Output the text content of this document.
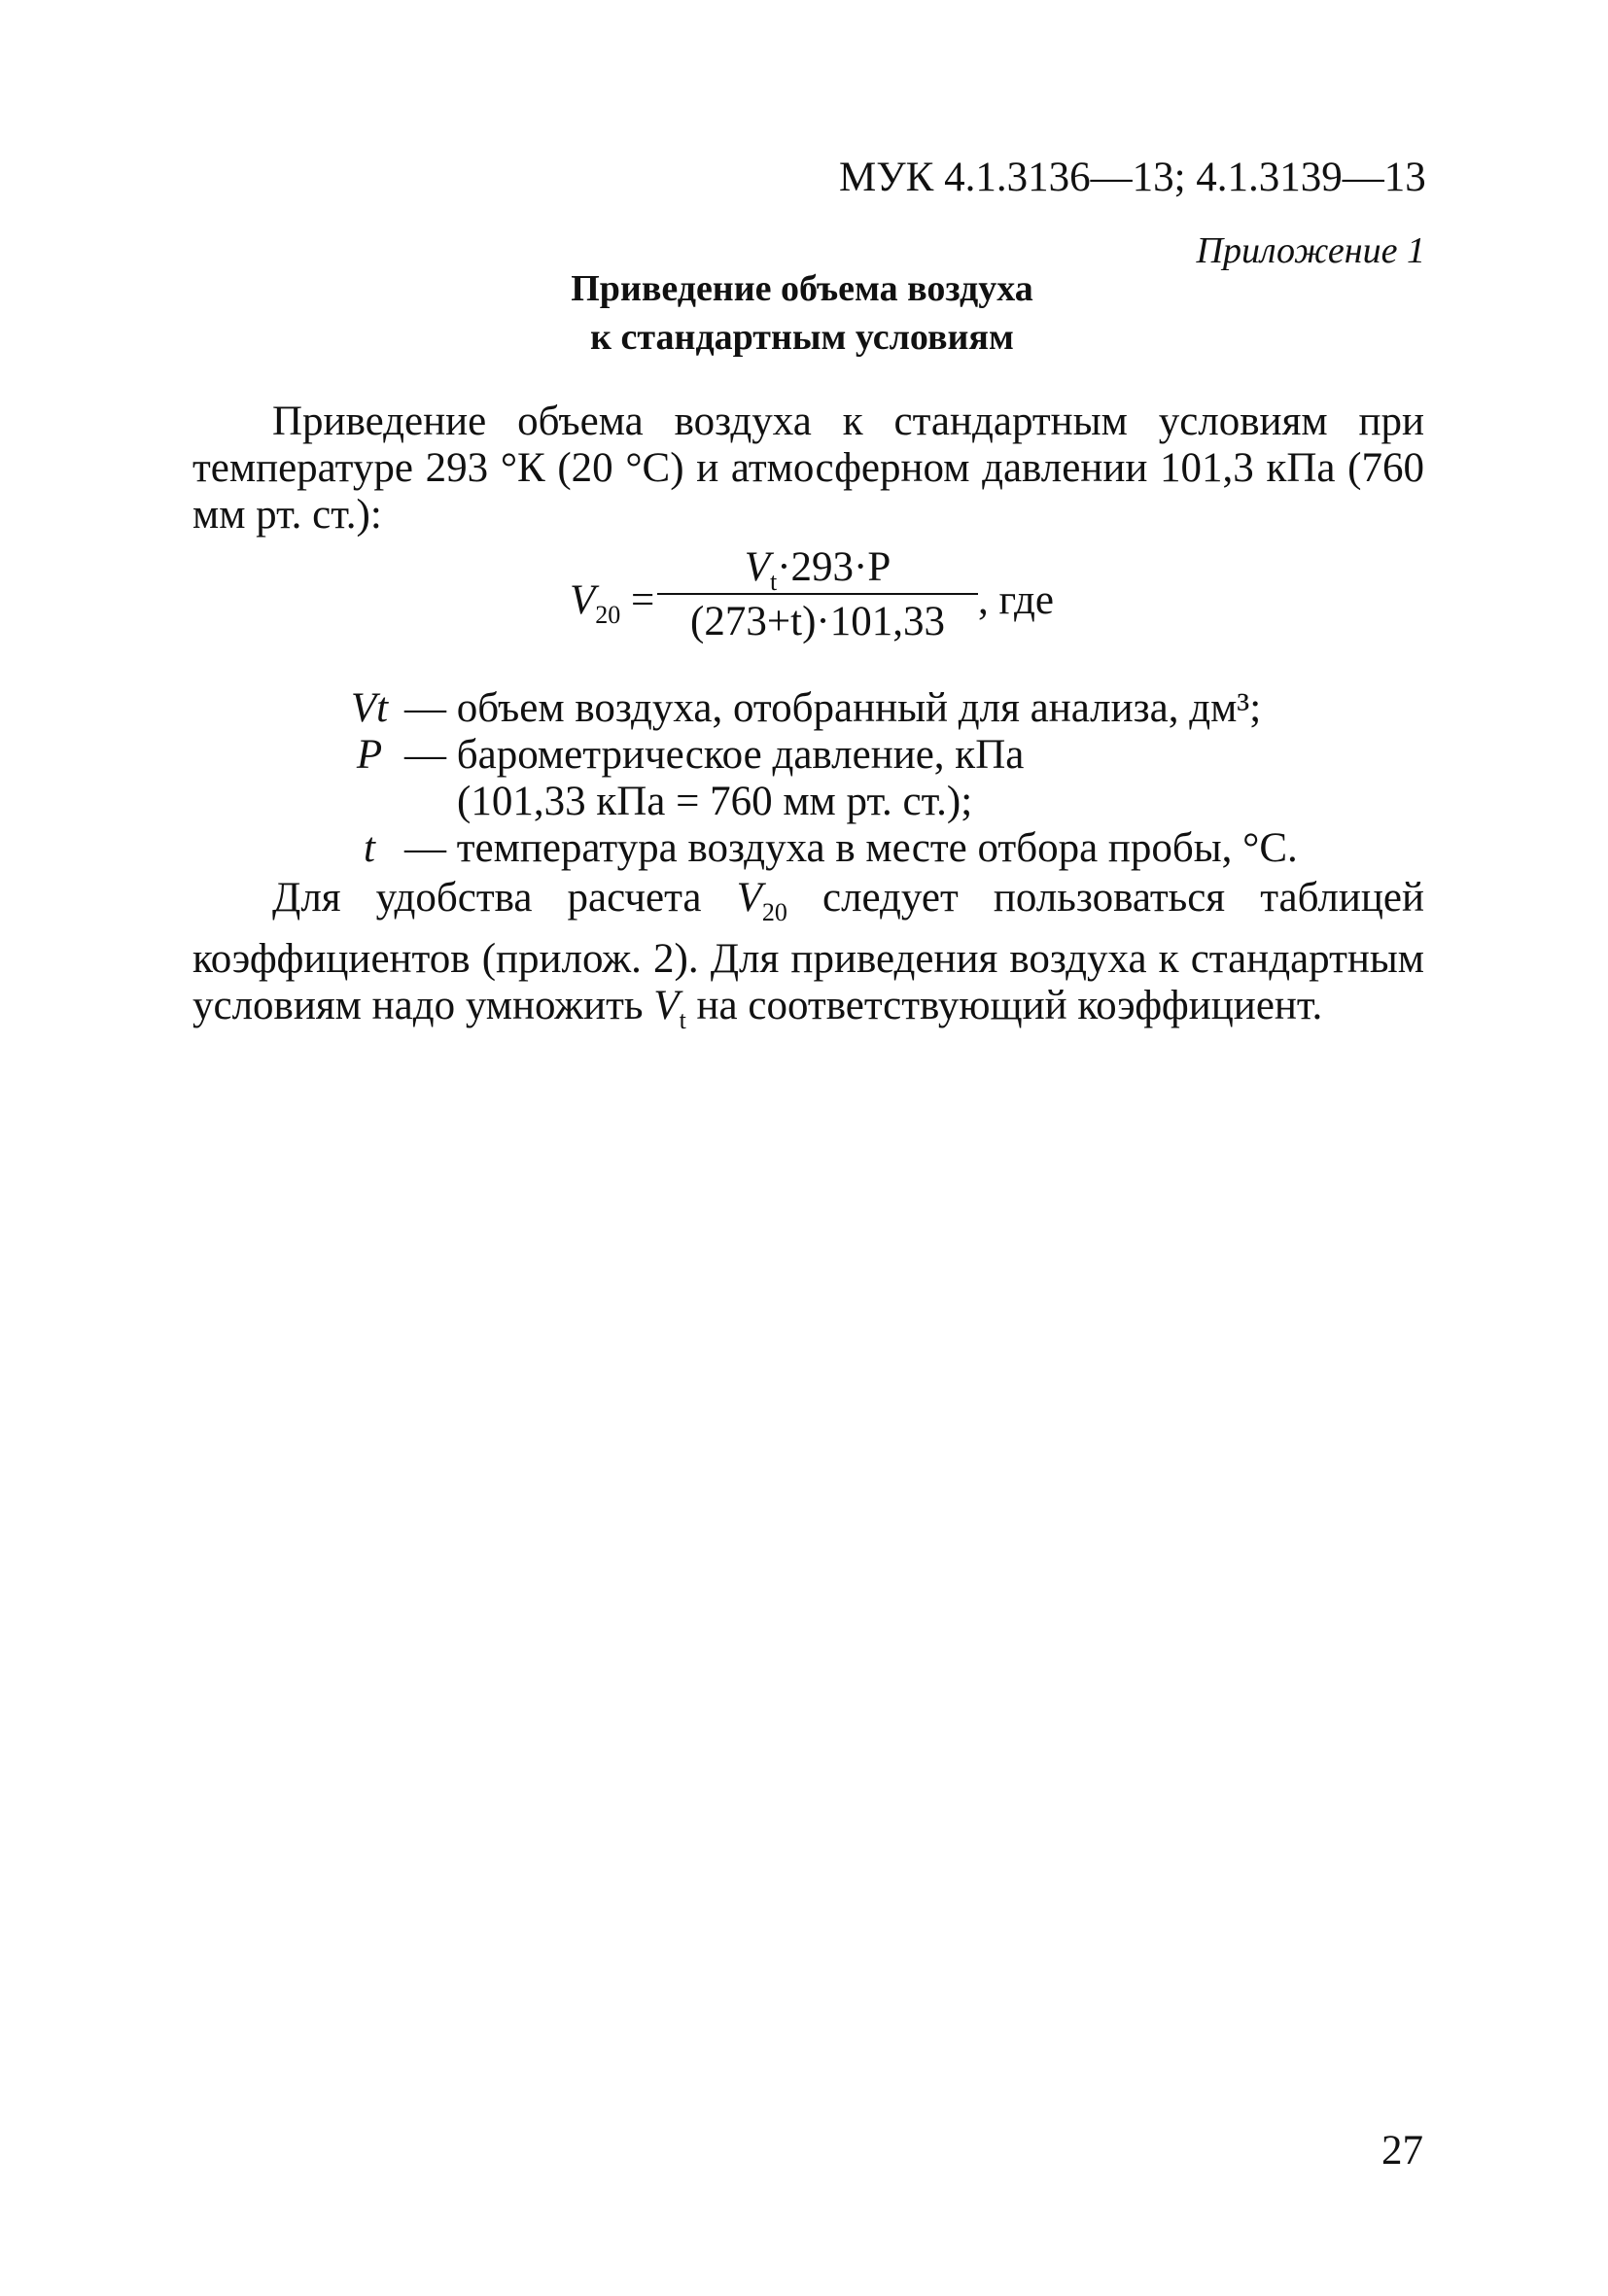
МУК 4.1.3136—13; 4.1.3139—13
Приложение 1
Приведение объема воздуха
к стандартным условиям
Приведение объема воздуха к стандартным условиям при температуре 293 °К (20 °С) и атмосферном давлении 101,3 кПа (760 мм рт. ст.):
$V_{20}$ =
$V_t\cdot 293\cdot P$
(273+t)·101,33 , где
Vt — объем воздуха, отобранный для анализа, дм³;
P — барометрическое давление, кПа
(101,33 кПа = 760 мм рт. ст.);
t — температура воздуха в месте отбора пробы, °С.
Для удобства расчета $V_{20}$ следует пользоваться таблицей коэффициентов (прилож. 2). Для приведения воздуха к стандартным условиям надо умножить $V_t$ на соответствующий коэффициент.
27
